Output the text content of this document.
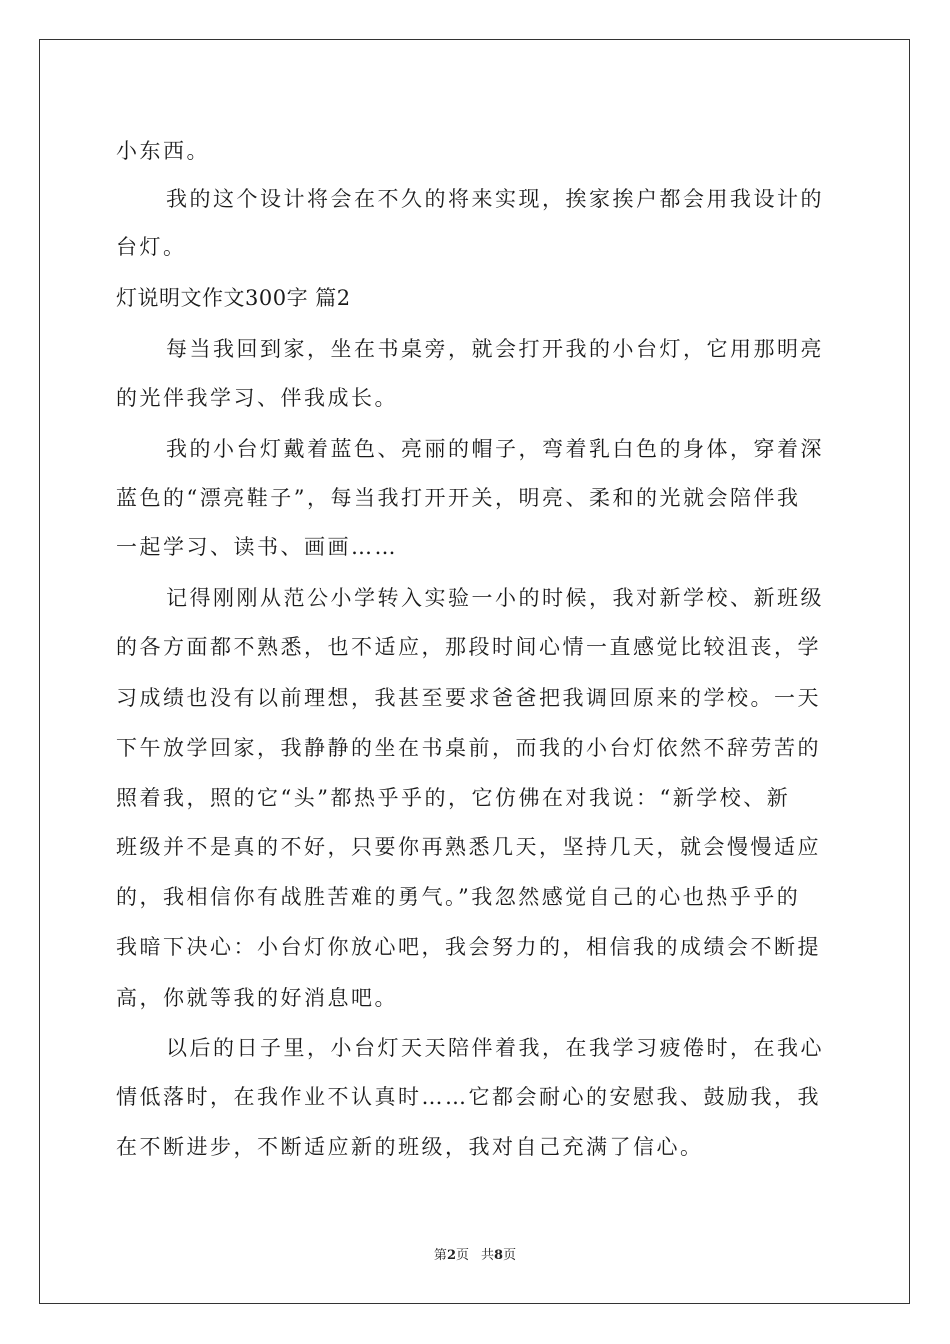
小东西。

我的这个设计将会在不久的将来实现，挨家挨户都会用我设计的

台灯。

灯说明文作文300字 篇2

每当我回到家，坐在书桌旁，就会打开我的小台灯，它用那明亮

的光伴我学习、伴我成长。

我的小台灯戴着蓝色、亮丽的帽子，弯着乳白色的身体，穿着深

蓝色的“漂亮鞋子”，每当我打开开关，明亮、柔和的光就会陪伴我

一起学习、读书、画画……

记得刚刚从范公小学转入实验一小的时候，我对新学校、新班级

的各方面都不熟悉，也不适应，那段时间心情一直感觉比较沮丧，学

习成绩也没有以前理想，我甚至要求爸爸把我调回原来的学校。一天

下午放学回家，我静静的坐在书桌前，而我的小台灯依然不辞劳苦的

照着我，照的它“头”都热乎乎的，它仿佛在对我说：“新学校、新

班级并不是真的不好，只要你再熟悉几天，坚持几天，就会慢慢适应

的，我相信你有战胜苦难的勇气。”我忽然感觉自己的心也热乎乎的

我暗下决心：小台灯你放心吧，我会努力的，相信我的成绩会不断提

高，你就等我的好消息吧。

以后的日子里，小台灯天天陪伴着我，在我学习疲倦时，在我心

情低落时，在我作业不认真时……它都会耐心的安慰我、鼓励我，我

在不断进步，不断适应新的班级，我对自己充满了信心。

第2页 共8页
